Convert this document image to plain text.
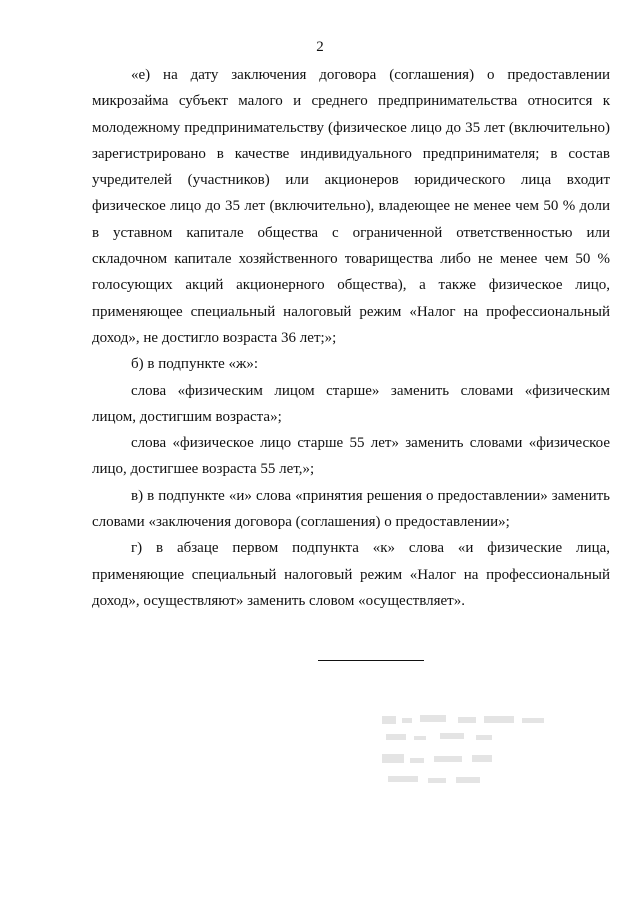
2

«е) на дату заключения договора (соглашения) о предоставлении микрозайма субъект малого и среднего предпринимательства относится к молодежному предпринимательству (физическое лицо до 35 лет (включительно) зарегистрировано в качестве индивидуального предпринимателя; в состав учредителей (участников) или акционеров юридического лица входит физическое лицо до 35 лет (включительно), владеющее не менее чем 50 % доли в уставном капитале общества с ограниченной ответственностью или складочном капитале хозяйственного товарищества либо не менее чем 50 % голосующих акций акционерного общества), а также физическое лицо, применяющее специальный налоговый режим «Налог на профессиональный доход», не достигло возраста 36 лет;»;

б) в подпункте «ж»:

слова «физическим лицом старше» заменить словами «физическим лицом, достигшим возраста»;

слова «физическое лицо старше 55 лет» заменить словами «физическое лицо, достигшее возраста 55 лет,»;

в) в подпункте «и» слова «принятия решения о предоставлении» заменить словами «заключения договора (соглашения) о предоставлении»;

г) в абзаце первом подпункта «к» слова «и физические лица, применяющие специальный налоговый режим «Налог на профессиональный доход», осуществляют» заменить словом «осуществляет».
